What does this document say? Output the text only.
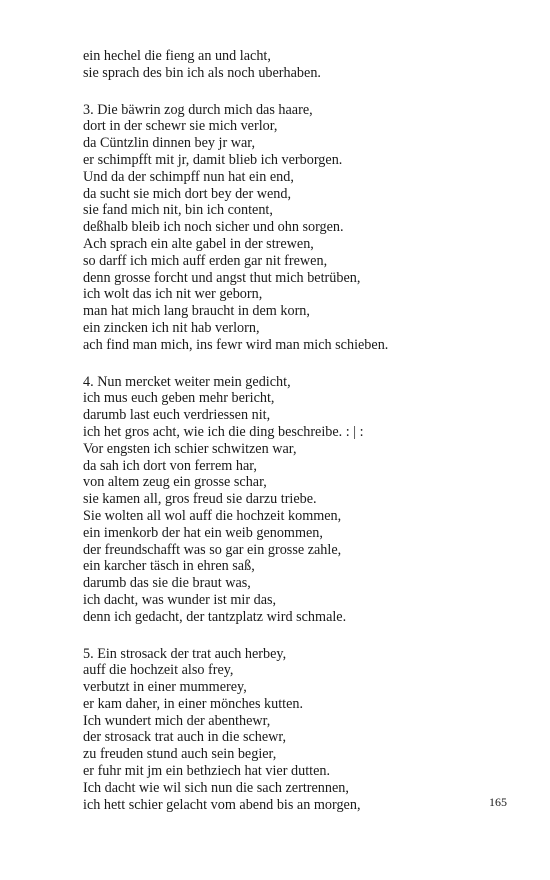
ein hechel die fieng an und lacht,
sie sprach des bin ich als noch uberhaben.
3. Die bäwrin zog durch mich das haare,
dort in der schewr sie mich verlor,
da Cüntzlin dinnen bey jr war,
er schimpfft mit jr, damit blieb ich verborgen.
Und da der schimpff nun hat ein end,
da sucht sie mich dort bey der wend,
sie fand mich nit, bin ich content,
deßhalb bleib ich noch sicher und ohn sorgen.
Ach sprach ein alte gabel in der strewen,
so darff ich mich auff erden gar nit frewen,
denn grosse forcht und angst thut mich betrüben,
ich wolt das ich nit wer geborn,
man hat mich lang braucht in dem korn,
ein zincken ich nit hab verlorn,
ach find man mich, ins fewr wird man mich schieben.
4. Nun mercket weiter mein gedicht,
ich mus euch geben mehr bericht,
darumb last euch verdriessen nit,
ich het gros acht, wie ich die ding beschreibe. : | :
Vor engsten ich schier schwitzen war,
da sah ich dort von ferrem har,
von altem zeug ein grosse schar,
sie kamen all, gros freud sie darzu triebe.
Sie wolten all wol auff die hochzeit kommen,
ein imenkorb der hat ein weib genommen,
der freundschafft was so gar ein grosse zahle,
ein karcher täsch in ehren saß,
darumb das sie die braut was,
ich dacht, was wunder ist mir das,
denn ich gedacht, der tantzplatz wird schmale.
5. Ein strosack der trat auch herbey,
auff die hochzeit also frey,
verbutzt in einer mummerey,
er kam daher, in einer mönches kutten.
Ich wundert mich der abenthewr,
der strosack trat auch in die schewr,
zu freuden stund auch sein begier,
er fuhr mit jm ein bethziech hat vier dutten.
Ich dacht wie wil sich nun die sach zertrennen,
ich hett schier gelacht vom abend bis an morgen,	165
